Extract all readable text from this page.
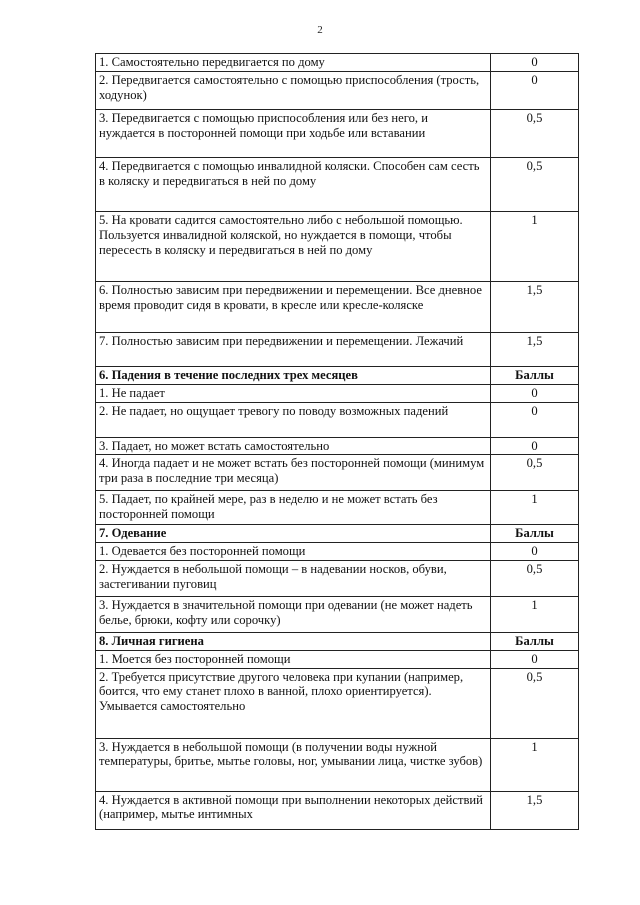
2
1. Самостоятельно передвигается по дому	0
2. Передвигается самостоятельно с помощью приспособления (трость, ходунок)	0
3. Передвигается с помощью приспособления или без него, и нуждается в посторонней помощи при ходьбе или вставании	0,5
4. Передвигается с помощью инвалидной коляски. Способен сам сесть в коляску и передвигаться в ней по дому	0,5
5. На кровати садится самостоятельно либо с небольшой помощью. Пользуется инвалидной коляской, но нуждается в помощи, чтобы пересесть в коляску и передвигаться в ней по дому	1
6. Полностью зависим при передвижении и перемещении. Все дневное время проводит сидя в кровати, в кресле или кресле-коляске	1,5
7. Полностью зависим при передвижении и перемещении. Лежачий	1,5
6. Падения в течение последних трех месяцев	Баллы
1. Не падает	0
2. Не падает, но ощущает тревогу по поводу возможных падений	0
3. Падает, но может встать самостоятельно	0
4. Иногда падает и не может встать без посторонней помощи (минимум три раза в последние три месяца)	0,5
5. Падает, по крайней мере, раз в неделю и не может встать без посторонней помощи	1
7. Одевание	Баллы
1. Одевается без посторонней помощи	0
2. Нуждается в небольшой помощи – в надевании носков, обуви, застегивании пуговиц	0,5
3. Нуждается в значительной помощи при одевании (не может надеть белье, брюки, кофту или сорочку)	1
8. Личная гигиена	Баллы
1. Моется без посторонней помощи	0
2. Требуется присутствие другого человека при купании (например, боится, что ему станет плохо в ванной, плохо ориентируется). Умывается самостоятельно	0,5
3. Нуждается в небольшой помощи (в получении воды нужной температуры, бритье, мытье головы, ног, умывании лица, чистке зубов)	1
4. Нуждается в активной помощи при выполнении некоторых действий (например, мытье интимных	1,5
